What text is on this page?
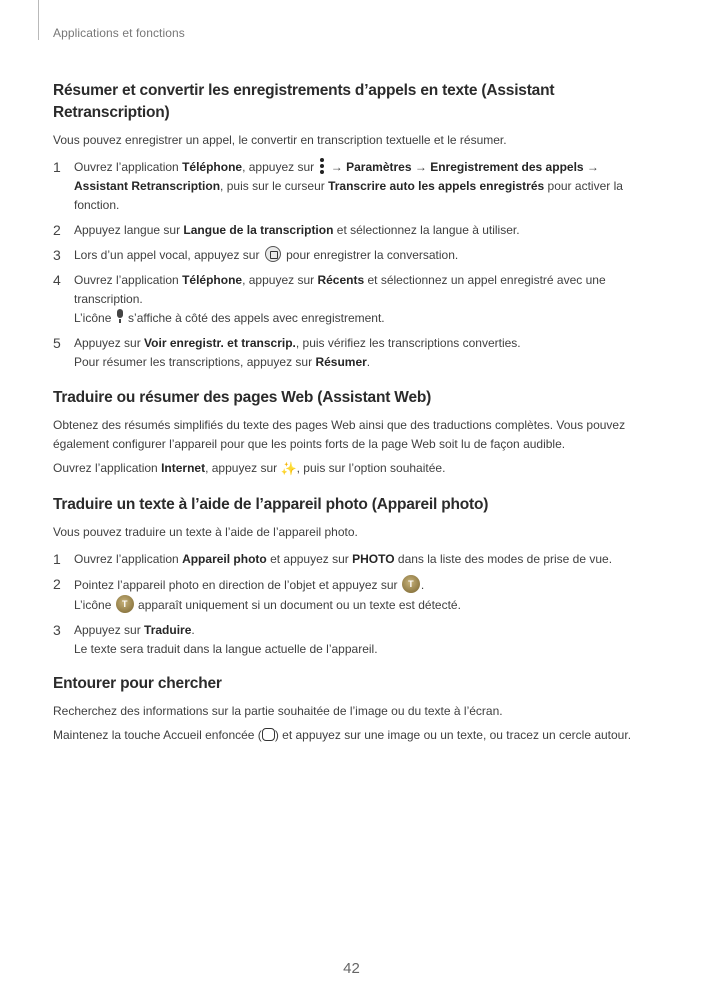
Applications et fonctions
Résumer et convertir les enregistrements d’appels en texte (Assistant Retranscription)

Vous pouvez enregistrer un appel, le convertir en transcription textuelle et le résumer.

1	Ouvrez l’application Téléphone, appuyez sur
→ Paramètres → Enregistrement des appels → Assistant Retranscription, puis sur le curseur Transcrire auto les appels enregistrés pour activer la fonction.
2	Appuyez langue sur Langue de la transcription et sélectionnez la langue à utiliser.
3	Lors d’un appel vocal, appuyez sur  pour enregistrer la conversation.
4	Ouvrez l’application Téléphone, appuyez sur Récents et sélectionnez un appel enregistré avec une transcription.
L’icône  s’affiche à côté des appels avec enregistrement.
5	Appuyez sur Voir enregistr. et transcrip., puis vérifiez les transcriptions converties.
Pour résumer les transcriptions, appuyez sur Résumer.
Traduire ou résumer des pages Web (Assistant Web)

Obtenez des résumés simplifiés du texte des pages Web ainsi que des traductions complètes. Vous pouvez également configurer l’appareil pour que les points forts de la page Web soit lu de façon audible.

Ouvrez l’application Internet, appuyez sur ✨, puis sur l’option souhaitée.

Traduire un texte à l’aide de l’appareil photo (Appareil photo)

Vous pouvez traduire un texte à l’aide de l’appareil photo.

1	Ouvrez l’application Appareil photo et appuyez sur PHOTO dans la liste des modes de prise de vue.
2	Pointez l’appareil photo en direction de l’objet et appuyez sur T.
L’icône T apparaît uniquement si un document ou un texte est détecté.
3	Appuyez sur Traduire.
Le texte sera traduit dans la langue actuelle de l’appareil.
Entourer pour chercher

Recherchez des informations sur la partie souhaitée de l’image ou du texte à l’écran.

Maintenez la touche Accueil enfoncée ( ) et appuyez sur une image ou un texte, ou tracez un cercle autour.

42
